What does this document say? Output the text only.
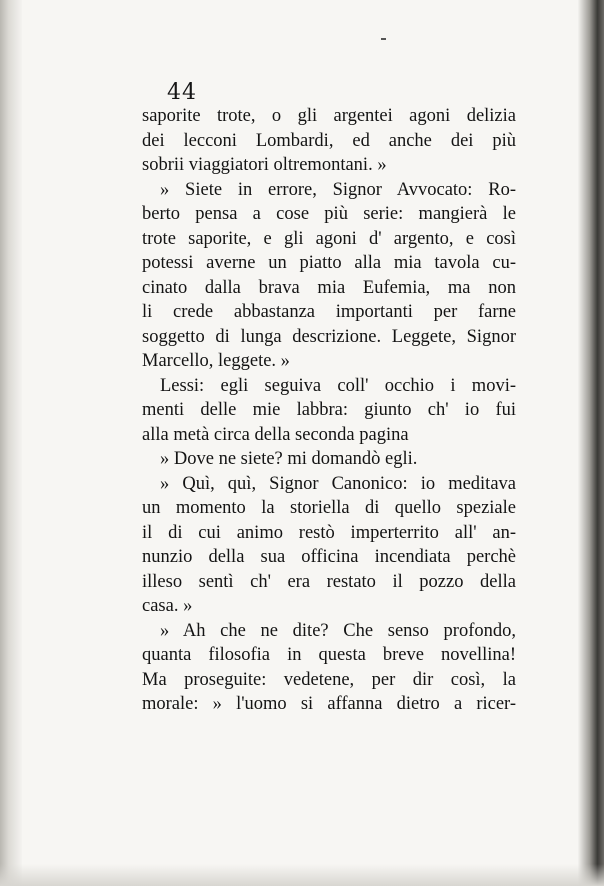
44
saporite trote, o gli argentei agoni delizia
dei lecconi Lombardi, ed anche dei più
sobrii viaggiatori oltremontani. »
» Siete in errore, Signor Avvocato: Ro-
berto pensa a cose più serie: mangierà le
trote saporite, e gli agoni d' argento, e così
potessi averne un piatto alla mia tavola cu-
cinato dalla brava mia Eufemia, ma non
li crede abbastanza importanti per farne
soggetto di lunga descrizione. Leggete, Signor
Marcello, leggete. »
Lessi: egli seguiva coll' occhio i movi-
menti delle mie labbra: giunto ch' io fui
alla metà circa della seconda pagina
» Dove ne siete? mi domandò egli.
» Quì, quì, Signor Canonico: io meditava
un momento la storiella di quello speziale
il di cui animo restò imperterrito all' an-
nunzio della sua officina incendiata perchè
illeso sentì ch' era restato il pozzo della
casa. »
» Ah che ne dite? Che senso profondo,
quanta filosofia in questa breve novellina!
Ma proseguite: vedetene, per dir così, la
morale: » l'uomo si affanna dietro a ricer-
